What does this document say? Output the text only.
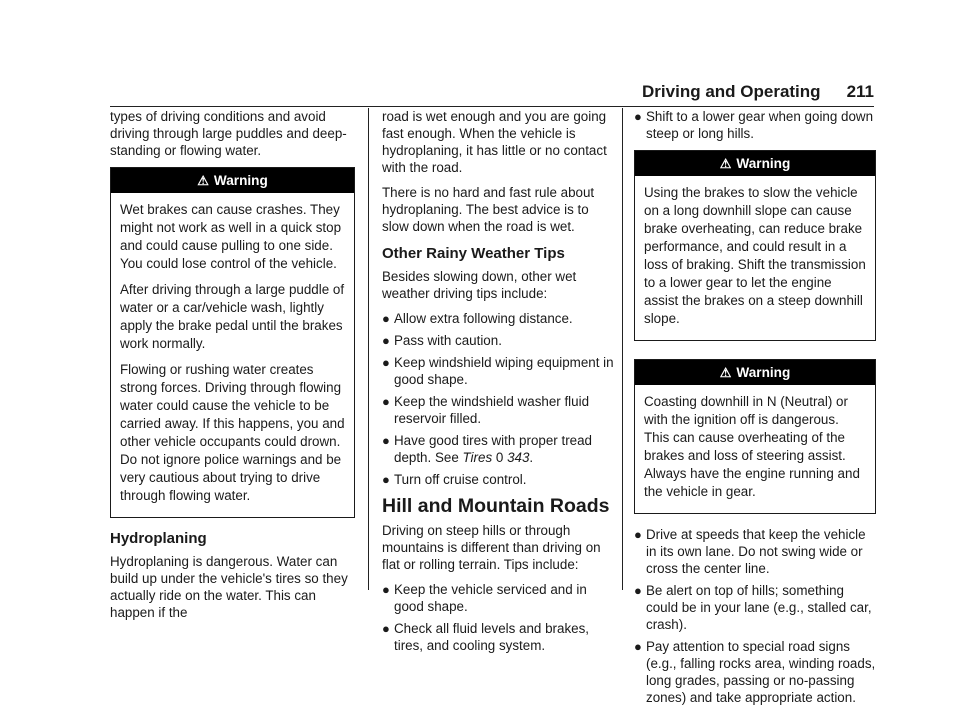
Driving and Operating 211

types of driving conditions and avoid driving through large puddles and deep-standing or flowing water.

⚠ Warning

Wet brakes can cause crashes. They might not work as well in a quick stop and could cause pulling to one side. You could lose control of the vehicle.

After driving through a large puddle of water or a car/vehicle wash, lightly apply the brake pedal until the brakes work normally.

Flowing or rushing water creates strong forces. Driving through flowing water could cause the vehicle to be carried away. If this happens, you and other vehicle occupants could drown. Do not ignore police warnings and be very cautious about trying to drive through flowing water.

Hydroplaning

Hydroplaning is dangerous. Water can build up under the vehicle's tires so they actually ride on the water. This can happen if the

road is wet enough and you are going fast enough. When the vehicle is hydroplaning, it has little or no contact with the road.

There is no hard and fast rule about hydroplaning. The best advice is to slow down when the road is wet.

Other Rainy Weather Tips

Besides slowing down, other wet weather driving tips include:

● Allow extra following distance.
● Pass with caution.
● Keep windshield wiping equipment in good shape.
● Keep the windshield washer fluid reservoir filled.
● Have good tires with proper tread depth. See Tires 0 343.
● Turn off cruise control.
Hill and Mountain Roads

Driving on steep hills or through mountains is different than driving on flat or rolling terrain. Tips include:

● Keep the vehicle serviced and in good shape.
● Check all fluid levels and brakes, tires, and cooling system.
● Shift to a lower gear when going down steep or long hills.
⚠ Warning

Using the brakes to slow the vehicle on a long downhill slope can cause brake overheating, can reduce brake performance, and could result in a loss of braking. Shift the transmission to a lower gear to let the engine assist the brakes on a steep downhill slope.

⚠ Warning

Coasting downhill in N (Neutral) or with the ignition off is dangerous. This can cause overheating of the brakes and loss of steering assist. Always have the engine running and the vehicle in gear.

● Drive at speeds that keep the vehicle in its own lane. Do not swing wide or cross the center line.
● Be alert on top of hills; something could be in your lane (e.g., stalled car, crash).
● Pay attention to special road signs (e.g., falling rocks area, winding roads, long grades, passing or no-passing zones) and take appropriate action.
